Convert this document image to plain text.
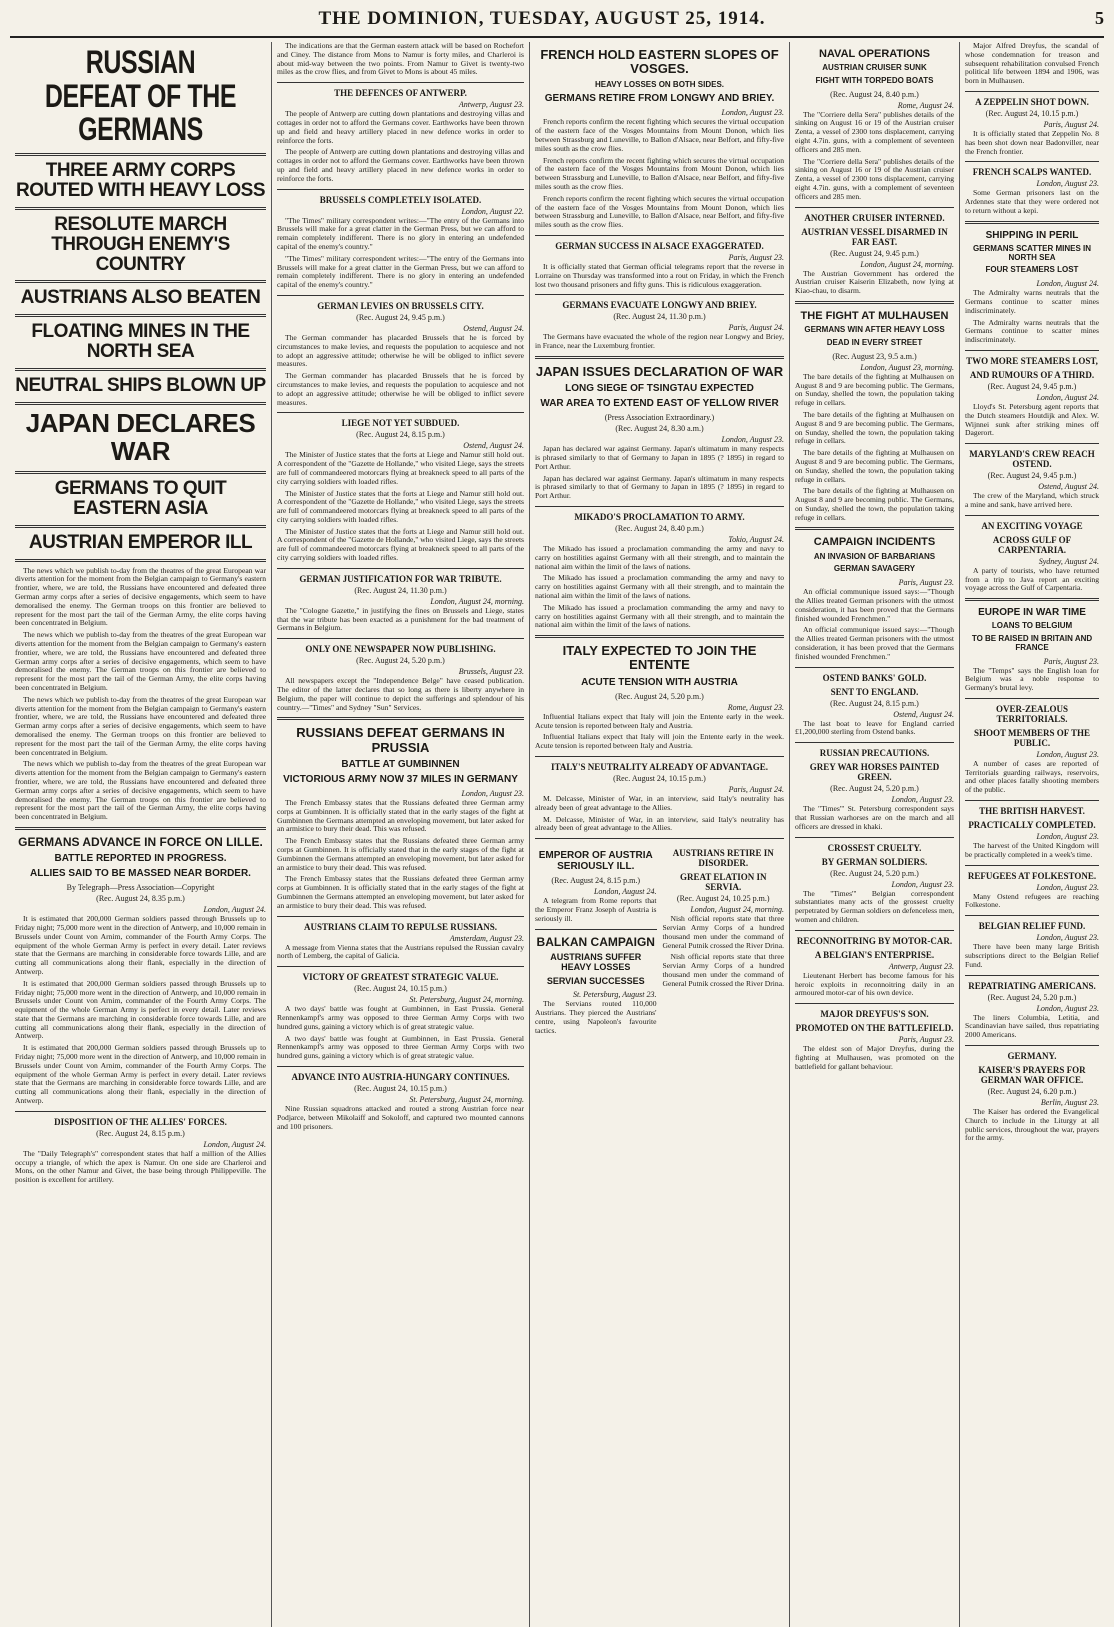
THE DOMINION, TUESDAY, AUGUST 25, 1914.	5
RUSSIAN DEFEAT OF THE GERMANS
THREE ARMY CORPS ROUTED WITH HEAVY LOSS
RESOLUTE MARCH THROUGH ENEMY'S COUNTRY
AUSTRIANS ALSO BEATEN
FLOATING MINES IN THE NORTH SEA
NEUTRAL SHIPS BLOWN UP
JAPAN DECLARES WAR
GERMANS TO QUIT EASTERN ASIA
AUSTRIAN EMPEROR ILL

The news which we publish to-day from the theatres of the great European war diverts attention for the moment from the Belgian campaign to Germany's eastern frontier, where, we are told, the Russians have encountered and defeated three German army corps after a series of decisive engagements, which seem to have demoralised the enemy. The German troops on this frontier are believed to represent for the most part the tail of the German Army, the elite corps having been concentrated in Belgium.

The news which we publish to-day from the theatres of the great European war diverts attention for the moment from the Belgian campaign to Germany's eastern frontier, where, we are told, the Russians have encountered and defeated three German army corps after a series of decisive engagements, which seem to have demoralised the enemy. The German troops on this frontier are believed to represent for the most part the tail of the German Army, the elite corps having been concentrated in Belgium.

The news which we publish to-day from the theatres of the great European war diverts attention for the moment from the Belgian campaign to Germany's eastern frontier, where, we are told, the Russians have encountered and defeated three German army corps after a series of decisive engagements, which seem to have demoralised the enemy. The German troops on this frontier are believed to represent for the most part the tail of the German Army, the elite corps having been concentrated in Belgium.

The news which we publish to-day from the theatres of the great European war diverts attention for the moment from the Belgian campaign to Germany's eastern frontier, where, we are told, the Russians have encountered and defeated three German army corps after a series of decisive engagements, which seem to have demoralised the enemy. The German troops on this frontier are believed to represent for the most part the tail of the German Army, the elite corps having been concentrated in Belgium.

GERMANS ADVANCE IN FORCE ON LILLE.
BATTLE REPORTED IN PROGRESS.
ALLIES SAID TO BE MASSED NEAR BORDER.
By Telegraph—Press Association—Copyright
(Rec. August 24, 8.35 p.m.)
London, August 24.

It is estimated that 200,000 German soldiers passed through Brussels up to Friday night; 75,000 more went in the direction of Antwerp, and 10,000 remain in Brussels under Count von Arnim, commander of the Fourth Army Corps. The equipment of the whole German Army is perfect in every detail. Later reviews state that the Germans are marching in considerable force towards Lille, and are cutting all communications along their flank, especially in the direction of Antwerp.

It is estimated that 200,000 German soldiers passed through Brussels up to Friday night; 75,000 more went in the direction of Antwerp, and 10,000 remain in Brussels under Count von Arnim, commander of the Fourth Army Corps. The equipment of the whole German Army is perfect in every detail. Later reviews state that the Germans are marching in considerable force towards Lille, and are cutting all communications along their flank, especially in the direction of Antwerp.

It is estimated that 200,000 German soldiers passed through Brussels up to Friday night; 75,000 more went in the direction of Antwerp, and 10,000 remain in Brussels under Count von Arnim, commander of the Fourth Army Corps. The equipment of the whole German Army is perfect in every detail. Later reviews state that the Germans are marching in considerable force towards Lille, and are cutting all communications along their flank, especially in the direction of Antwerp.

DISPOSITION OF THE ALLIES' FORCES.
(Rec. August 24, 8.15 p.m.)
London, August 24.

The "Daily Telegraph's" correspondent states that half a million of the Allies occupy a triangle, of which the apex is Namur. On one side are Charleroi and Mons, on the other Namur and Givet, the base being through Philippeville. The position is excellent for artillery.

The indications are that the German eastern attack will be based on Rochefort and Ciney. The distance from Mons to Namur is forty miles, and Charleroi is about mid-way between the two points. From Namur to Givet is twenty-two miles as the crow flies, and from Givet to Mons is about 45 miles.

THE DEFENCES OF ANTWERP.
Antwerp, August 23.

The people of Antwerp are cutting down plantations and destroying villas and cottages in order not to afford the Germans cover. Earthworks have been thrown up and field and heavy artillery placed in new defence works in order to reinforce the forts.

The people of Antwerp are cutting down plantations and destroying villas and cottages in order not to afford the Germans cover. Earthworks have been thrown up and field and heavy artillery placed in new defence works in order to reinforce the forts.

BRUSSELS COMPLETELY ISOLATED.
London, August 22.

"The Times" military correspondent writes:—"The entry of the Germans into Brussels will make for a great clatter in the German Press, but we can afford to remain completely indifferent. There is no glory in entering an undefended capital of the enemy's country."

"The Times" military correspondent writes:—"The entry of the Germans into Brussels will make for a great clatter in the German Press, but we can afford to remain completely indifferent. There is no glory in entering an undefended capital of the enemy's country."

GERMAN LEVIES ON BRUSSELS CITY.
(Rec. August 24, 9.45 p.m.)
Ostend, August 24.

The German commander has placarded Brussels that he is forced by circumstances to make levies, and requests the population to acquiesce and not to adopt an aggressive attitude; otherwise he will be obliged to inflict severe measures.

The German commander has placarded Brussels that he is forced by circumstances to make levies, and requests the population to acquiesce and not to adopt an aggressive attitude; otherwise he will be obliged to inflict severe measures.

LIEGE NOT YET SUBDUED.
(Rec. August 24, 8.15 p.m.)
Ostend, August 24.

The Minister of Justice states that the forts at Liege and Namur still hold out. A correspondent of the "Gazette de Hollande," who visited Liege, says the streets are full of commandeered motorcars flying at breakneck speed to all parts of the city carrying soldiers with loaded rifles.

The Minister of Justice states that the forts at Liege and Namur still hold out. A correspondent of the "Gazette de Hollande," who visited Liege, says the streets are full of commandeered motorcars flying at breakneck speed to all parts of the city carrying soldiers with loaded rifles.

The Minister of Justice states that the forts at Liege and Namur still hold out. A correspondent of the "Gazette de Hollande," who visited Liege, says the streets are full of commandeered motorcars flying at breakneck speed to all parts of the city carrying soldiers with loaded rifles.

GERMAN JUSTIFICATION FOR WAR TRIBUTE.
(Rec. August 24, 11.30 p.m.)
London, August 24, morning.

The "Cologne Gazette," in justifying the fines on Brussels and Liege, states that the war tribute has been exacted as a punishment for the bad treatment of Germans in Belgium.

ONLY ONE NEWSPAPER NOW PUBLISHING.
(Rec. August 24, 5.20 p.m.)
Brussels, August 23.

All newspapers except the "Independence Belge" have ceased publication. The editor of the latter declares that so long as there is liberty anywhere in Belgium, the paper will continue to depict the sufferings and splendour of his country.—"Times" and Sydney "Sun" Services.

RUSSIANS DEFEAT GERMANS IN PRUSSIA
BATTLE AT GUMBINNEN
VICTORIOUS ARMY NOW 37 MILES IN GERMANY
London, August 23.

The French Embassy states that the Russians defeated three German army corps at Gumbinnen. It is officially stated that in the early stages of the fight at Gumbinnen the Germans attempted an enveloping movement, but later asked for an armistice to bury their dead. This was refused.

The French Embassy states that the Russians defeated three German army corps at Gumbinnen. It is officially stated that in the early stages of the fight at Gumbinnen the Germans attempted an enveloping movement, but later asked for an armistice to bury their dead. This was refused.

The French Embassy states that the Russians defeated three German army corps at Gumbinnen. It is officially stated that in the early stages of the fight at Gumbinnen the Germans attempted an enveloping movement, but later asked for an armistice to bury their dead. This was refused.

AUSTRIANS CLAIM TO REPULSE RUSSIANS.
Amsterdam, August 23.

A message from Vienna states that the Austrians repulsed the Russian cavalry north of Lemberg, the capital of Galicia.

VICTORY OF GREATEST STRATEGIC VALUE.
(Rec. August 24, 10.15 p.m.)
St. Petersburg, August 24, morning.

A two days' battle was fought at Gumbinnen, in East Prussia. General Rennenkampf's army was opposed to three German Army Corps with two hundred guns, gaining a victory which is of great strategic value.

A two days' battle was fought at Gumbinnen, in East Prussia. General Rennenkampf's army was opposed to three German Army Corps with two hundred guns, gaining a victory which is of great strategic value.

ADVANCE INTO AUSTRIA-HUNGARY CONTINUES.
(Rec. August 24, 10.15 p.m.)
St. Petersburg, August 24, morning.

Nine Russian squadrons attacked and routed a strong Austrian force near Podjarce, between Mikolaiff and Sokoloff, and captured two mounted cannons and 100 prisoners.

FRENCH HOLD EASTERN SLOPES OF VOSGES.
HEAVY LOSSES ON BOTH SIDES.
GERMANS RETIRE FROM LONGWY AND BRIEY.
London, August 23.

French reports confirm the recent fighting which secures the virtual occupation of the eastern face of the Vosges Mountains from Mount Donon, which lies between Strassburg and Luneville, to Ballon d'Alsace, near Belfort, and fifty-five miles south as the crow flies.

French reports confirm the recent fighting which secures the virtual occupation of the eastern face of the Vosges Mountains from Mount Donon, which lies between Strassburg and Luneville, to Ballon d'Alsace, near Belfort, and fifty-five miles south as the crow flies.

French reports confirm the recent fighting which secures the virtual occupation of the eastern face of the Vosges Mountains from Mount Donon, which lies between Strassburg and Luneville, to Ballon d'Alsace, near Belfort, and fifty-five miles south as the crow flies.

GERMAN SUCCESS IN ALSACE EXAGGERATED.
Paris, August 23.

It is officially stated that German official telegrams report that the reverse in Lorraine on Thursday was transformed into a rout on Friday, in which the French lost two thousand prisoners and fifty guns. This is ridiculous exaggeration.

GERMANS EVACUATE LONGWY AND BRIEY.
(Rec. August 24, 11.30 p.m.)
Paris, August 24.

The Germans have evacuated the whole of the region near Longwy and Briey, in France, near the Luxemburg frontier.

JAPAN ISSUES DECLARATION OF WAR
LONG SIEGE OF TSINGTAU EXPECTED
WAR AREA TO EXTEND EAST OF YELLOW RIVER
(Press Association Extraordinary.)
(Rec. August 24, 8.30 a.m.)
London, August 23.

Japan has declared war against Germany. Japan's ultimatum in many respects is phrased similarly to that of Germany to Japan in 1895 (? 1895) in regard to Port Arthur.

Japan has declared war against Germany. Japan's ultimatum in many respects is phrased similarly to that of Germany to Japan in 1895 (? 1895) in regard to Port Arthur.

MIKADO'S PROCLAMATION TO ARMY.
(Rec. August 24, 8.40 p.m.)
Tokio, August 24.

The Mikado has issued a proclamation commanding the army and navy to carry on hostilities against Germany with all their strength, and to maintain the national aim within the limit of the laws of nations.

The Mikado has issued a proclamation commanding the army and navy to carry on hostilities against Germany with all their strength, and to maintain the national aim within the limit of the laws of nations.

The Mikado has issued a proclamation commanding the army and navy to carry on hostilities against Germany with all their strength, and to maintain the national aim within the limit of the laws of nations.

ITALY EXPECTED TO JOIN THE ENTENTE
ACUTE TENSION WITH AUSTRIA
(Rec. August 24, 5.20 p.m.)
Rome, August 23.

Influential Italians expect that Italy will join the Entente early in the week. Acute tension is reported between Italy and Austria.

Influential Italians expect that Italy will join the Entente early in the week. Acute tension is reported between Italy and Austria.

ITALY'S NEUTRALITY ALREADY OF ADVANTAGE.
(Rec. August 24, 10.15 p.m.)
Paris, August 24.

M. Delcasse, Minister of War, in an interview, said Italy's neutrality has already been of great advantage to the Allies.

M. Delcasse, Minister of War, in an interview, said Italy's neutrality has already been of great advantage to the Allies.

EMPEROR OF AUSTRIA SERIOUSLY ILL.
(Rec. August 24, 8.15 p.m.)
London, August 24.

A telegram from Rome reports that the Emperor Franz Joseph of Austria is seriously ill.

BALKAN CAMPAIGN
AUSTRIANS SUFFER HEAVY LOSSES
SERVIAN SUCCESSES
St. Petersburg, August 23.

The Servians routed 110,000 Austrians. They pierced the Austrians' centre, using Napoleon's favourite tactics.

AUSTRIANS RETIRE IN DISORDER.
GREAT ELATION IN SERVIA.
(Rec. August 24, 10.25 p.m.)
London, August 24, morning.

Nish official reports state that three Servian Army Corps of a hundred thousand men under the command of General Putnik crossed the River Drina.

Nish official reports state that three Servian Army Corps of a hundred thousand men under the command of General Putnik crossed the River Drina.

NAVAL OPERATIONS
AUSTRIAN CRUISER SUNK
FIGHT WITH TORPEDO BOATS
(Rec. August 24, 8.40 p.m.)
Rome, August 24.

The "Corriere della Sera" publishes details of the sinking on August 16 or 19 of the Austrian cruiser Zenta, a vessel of 2300 tons displacement, carrying eight 4.7in. guns, with a complement of seventeen officers and 285 men.

The "Corriere della Sera" publishes details of the sinking on August 16 or 19 of the Austrian cruiser Zenta, a vessel of 2300 tons displacement, carrying eight 4.7in. guns, with a complement of seventeen officers and 285 men.

ANOTHER CRUISER INTERNED.
AUSTRIAN VESSEL DISARMED IN FAR EAST.
(Rec. August 24, 9.45 p.m.)
London, August 24, morning.

The Austrian Government has ordered the Austrian cruiser Kaiserin Elizabeth, now lying at Kiao-chau, to disarm.

THE FIGHT AT MULHAUSEN
GERMANS WIN AFTER HEAVY LOSS
DEAD IN EVERY STREET
(Rec. August 23, 9.5 a.m.)
London, August 23, morning.

The bare details of the fighting at Mulhausen on August 8 and 9 are becoming public. The Germans, on Sunday, shelled the town, the population taking refuge in cellars.

The bare details of the fighting at Mulhausen on August 8 and 9 are becoming public. The Germans, on Sunday, shelled the town, the population taking refuge in cellars.

The bare details of the fighting at Mulhausen on August 8 and 9 are becoming public. The Germans, on Sunday, shelled the town, the population taking refuge in cellars.

The bare details of the fighting at Mulhausen on August 8 and 9 are becoming public. The Germans, on Sunday, shelled the town, the population taking refuge in cellars.

CAMPAIGN INCIDENTS
AN INVASION OF BARBARIANS
GERMAN SAVAGERY
Paris, August 23.

An official communique issued says:—"Though the Allies treated German prisoners with the utmost consideration, it has been proved that the Germans finished wounded Frenchmen."

An official communique issued says:—"Though the Allies treated German prisoners with the utmost consideration, it has been proved that the Germans finished wounded Frenchmen."

OSTEND BANKS' GOLD.
SENT TO ENGLAND.
(Rec. August 24, 8.15 p.m.)
Ostend, August 24.

The last boat to leave for England carried £1,200,000 sterling from Ostend banks.

RUSSIAN PRECAUTIONS.
GREY WAR HORSES PAINTED GREEN.
(Rec. August 24, 5.20 p.m.)
London, August 23.

The "Times'" St. Petersburg correspondent says that Russian warhorses are on the march and all officers are dressed in khaki.

CROSSEST CRUELTY.
BY GERMAN SOLDIERS.
(Rec. August 24, 5.20 p.m.)
London, August 23.

The "Times'" Belgian correspondent substantiates many acts of the grossest cruelty perpetrated by German soldiers on defenceless men, women and children.

RECONNOITRING BY MOTOR-CAR.
A BELGIAN'S ENTERPRISE.
Antwerp, August 23.

Lieutenant Herbert has become famous for his heroic exploits in reconnoitring daily in an armoured motor-car of his own device.

MAJOR DREYFUS'S SON.
PROMOTED ON THE BATTLEFIELD.
Paris, August 23.

The eldest son of Major Dreyfus, during the fighting at Mulhausen, was promoted on the battlefield for gallant behaviour.

Major Alfred Dreyfus, the scandal of whose condemnation for treason and subsequent rehabilitation convulsed French political life between 1894 and 1906, was born in Mulhausen.

A ZEPPELIN SHOT DOWN.
(Rec. August 24, 10.15 p.m.)
Paris, August 24.

It is officially stated that Zeppelin No. 8 has been shot down near Badonviller, near the French frontier.

FRENCH SCALPS WANTED.
London, August 23.

Some German prisoners last on the Ardennes state that they were ordered not to return without a kepi.

SHIPPING IN PERIL
GERMANS SCATTER MINES IN NORTH SEA
FOUR STEAMERS LOST
London, August 24.

The Admiralty warns neutrals that the Germans continue to scatter mines indiscriminately.

The Admiralty warns neutrals that the Germans continue to scatter mines indiscriminately.

TWO MORE STEAMERS LOST,
AND RUMOURS OF A THIRD.
(Rec. August 24, 9.45 p.m.)
London, August 24.

Lloyd's St. Petersburg agent reports that the Dutch steamers Houtdijk and Alex. W. Wijnnei sunk after striking mines off Dagerort.

MARYLAND'S CREW REACH OSTEND.
(Rec. August 24, 9.45 p.m.)
Ostend, August 24.

The crew of the Maryland, which struck a mine and sank, have arrived here.

AN EXCITING VOYAGE
ACROSS GULF OF CARPENTARIA.
Sydney, August 24.

A party of tourists, who have returned from a trip to Java report an exciting voyage across the Gulf of Carpentaria.

EUROPE IN WAR TIME
LOANS TO BELGIUM
TO BE RAISED IN BRITAIN AND FRANCE
Paris, August 23.

The "Temps" says the English loan for Belgium was a noble response to Germany's brutal levy.

OVER-ZEALOUS TERRITORIALS.
SHOOT MEMBERS OF THE PUBLIC.
London, August 23.

A number of cases are reported of Territorials guarding railways, reservoirs, and other places fatally shooting members of the public.

THE BRITISH HARVEST.
PRACTICALLY COMPLETED.
London, August 23.

The harvest of the United Kingdom will be practically completed in a week's time.

REFUGEES AT FOLKESTONE.
London, August 23.

Many Ostend refugees are reaching Folkestone.

BELGIAN RELIEF FUND.
London, August 23.

There have been many large British subscriptions direct to the Belgian Relief Fund.

REPATRIATING AMERICANS.
(Rec. August 24, 5.20 p.m.)
London, August 23.

The liners Columbia, Letitia, and Scandinavian have sailed, thus repatriating 2000 Americans.

GERMANY.
KAISER'S PRAYERS FOR GERMAN WAR OFFICE.
(Rec. August 24, 6.20 p.m.)
Berlin, August 23.

The Kaiser has ordered the Evangelical Church to include in the Liturgy at all public services, throughout the war, prayers for the army.
